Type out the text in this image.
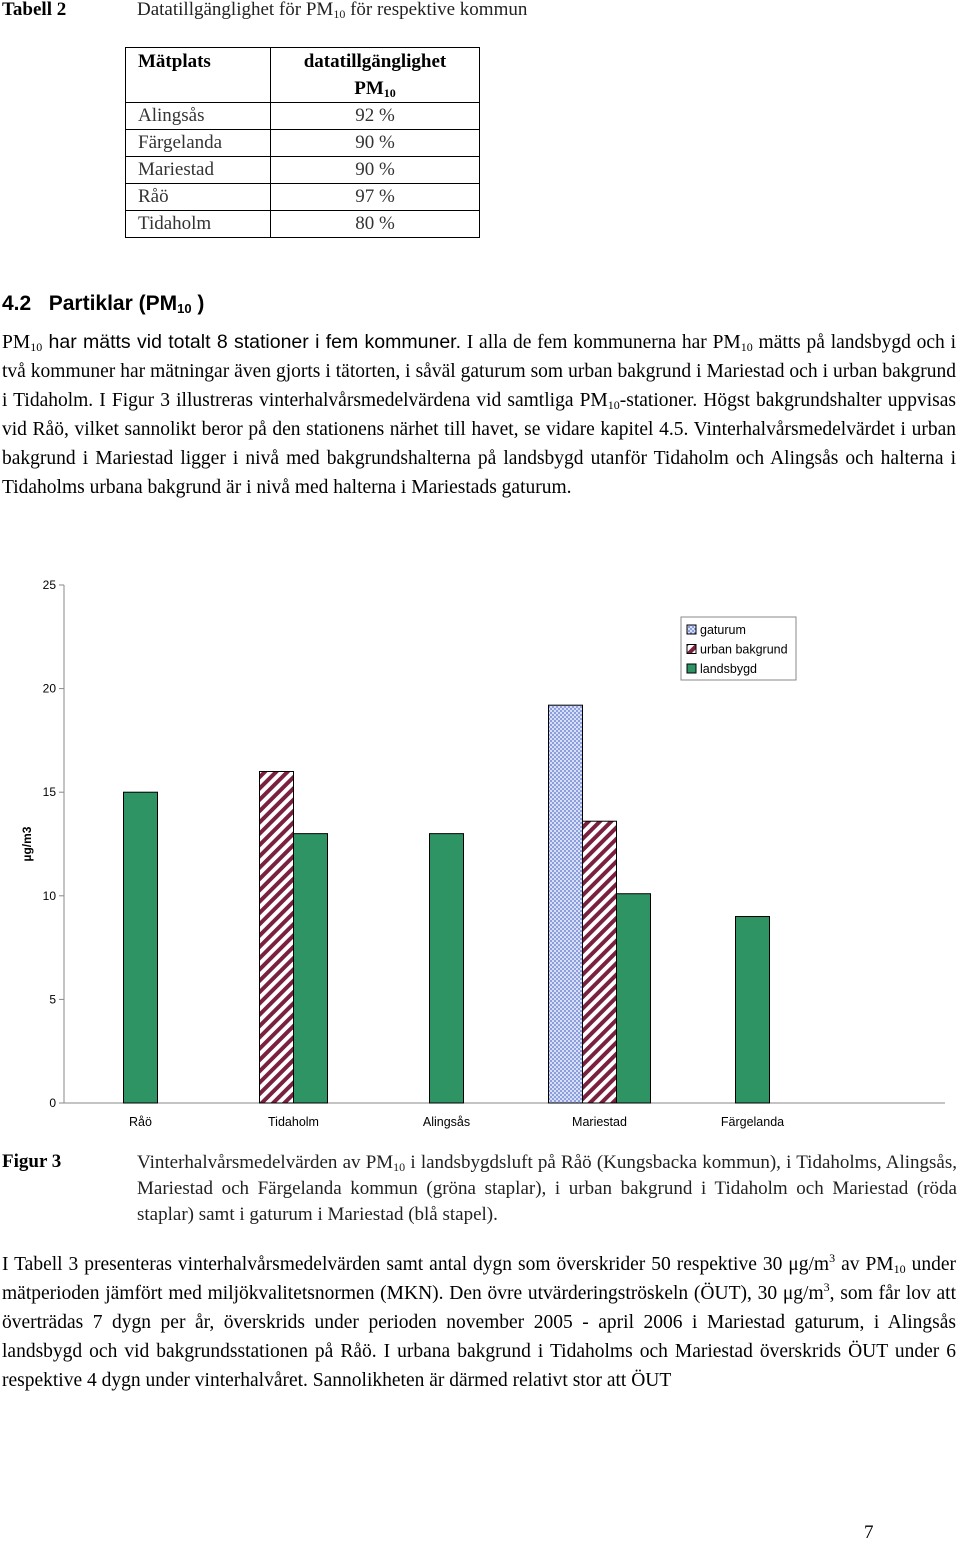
Tabell 2	Datatillgänglighet för $PM_{10}$ för respektive kommun
Mätplats	datatillgänglighet
$PM_{10}$
Alingsås	92 %
Färgelanda	90 %
Mariestad	90 %
Råö	97 %
Tidaholm	80 %
4.2 Partiklar ($PM_{10}$ )

$PM_{10}$ har mätts vid totalt 8 stationer i fem kommuner. I alla de fem kommunerna har $PM_{10}$ mätts på landsbygd och i två kommuner har mätningar även gjorts i tätorten, i såväl gaturum som urban bakgrund i Mariestad och i urban bakgrund i Tidaholm. I Figur 3 illustreras vinterhalvårsmedelvärdena vid samtliga $PM_{10}$-stationer. Högst bakgrundshalter uppvisas vid Råö, vilket sannolikt beror på den stationens närhet till havet, se vidare kapitel 4.5. Vinterhalvårsmedelvärdet i urban bakgrund i Mariestad ligger i nivå med bakgrundshalterna på landsbygd utanför Tidaholm och Alingsås och halterna i Tidaholms urbana bakgrund är i nivå med halterna i Mariestads gaturum.

0
5
10
15
20
25
µg/m3
Råö	Tidaholm	Alingsås	Mariestad	Färgelanda
gaturum
urban bakgrund
landsbygd
Figur 3	Vinterhalvårsmedelvärden av $PM_{10}$ i landsbygdsluft på Råö (Kungsbacka kommun), i Tidaholms, Alingsås, Mariestad och Färgelanda kommun (gröna staplar), i urban bakgrund i Tidaholm och Mariestad (röda staplar) samt i gaturum i Mariestad (blå stapel).

I Tabell 3 presenteras vinterhalvårsmedelvärden samt antal dygn som överskrider 50 respektive 30 $\mu g/m^3$ av $PM_{10}$ under mätperioden jämfört med miljökvalitetsnormen (MKN). Den övre utvärderingströskeln (ÖUT), 30 $\mu g/m^3$, som får lov att överträdas 7 dygn per år, överskrids under perioden november 2005 - april 2006 i Mariestad gaturum, i Alingsås landsbygd och vid bakgrundsstationen på Råö. I urbana bakgrund i Tidaholms och Mariestad överskrids ÖUT under 6 respektive 4 dygn under vinterhalvåret. Sannolikheten är därmed relativt stor att ÖUT

7
